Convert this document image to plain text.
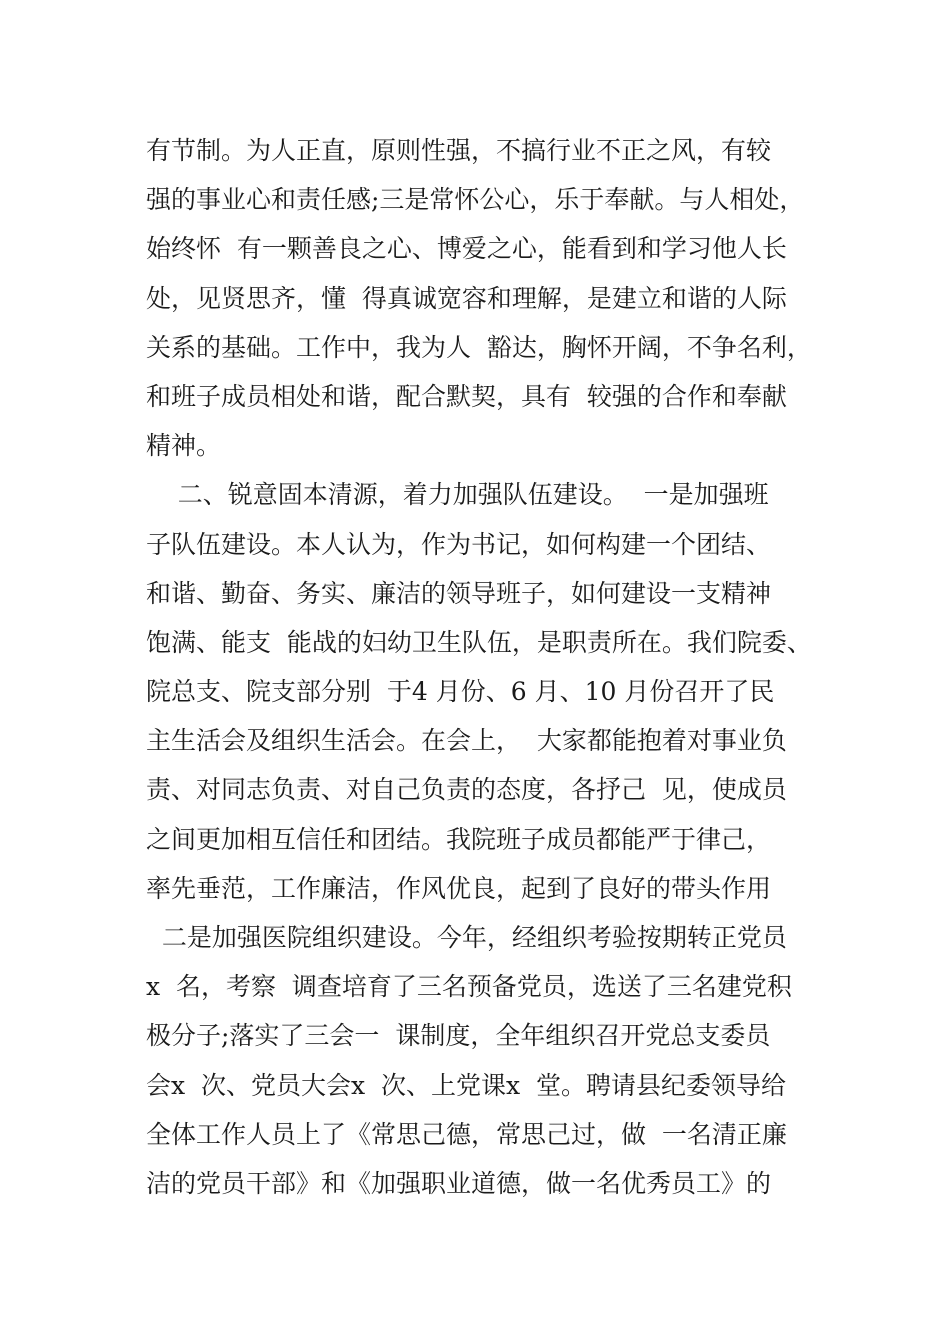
有节制。为人正直，原则性强，不搞行业不正之风，有较
强的事业心和责任感;三是常怀公心，乐于奉献。与人相处，
始终怀  有一颗善良之心、博爱之心，能看到和学习他人长
处，见贤思齐，懂  得真诚宽容和理解，是建立和谐的人际
关系的基础。工作中，我为人  豁达，胸怀开阔，不争名利，
和班子成员相处和谐，配合默契，具有  较强的合作和奉献
精神。
二、锐意固本清源，着力加强队伍建设。  一是加强班
子队伍建设。本人认为，作为书记，如何构建一个团结、
和谐、勤奋、务实、廉洁的领导班子，如何建设一支精神
饱满、能支  能战的妇幼卫生队伍，是职责所在。我们院委、
院总支、院支部分别  于4 月份、6 月、10 月份召开了民
主生活会及组织生活会。在会上，  大家都能抱着对事业负
责、对同志负责、对自己负责的态度，各抒己  见，使成员
之间更加相互信任和团结。我院班子成员都能严于律己，
率先垂范，工作廉洁，作风优良，起到了良好的带头作用
二是加强医院组织建设。今年，经组织考验按期转正党员
x  名，考察  调查培育了三名预备党员，选送了三名建党积
极分子;落实了三会一  课制度，全年组织召开党总支委员
会x  次、党员大会x  次、上党课x  堂。聘请县纪委领导给
全体工作人员上了《常思己德，常思己过，做  一名清正廉
洁的党员干部》和《加强职业道德，做一名优秀员工》的
